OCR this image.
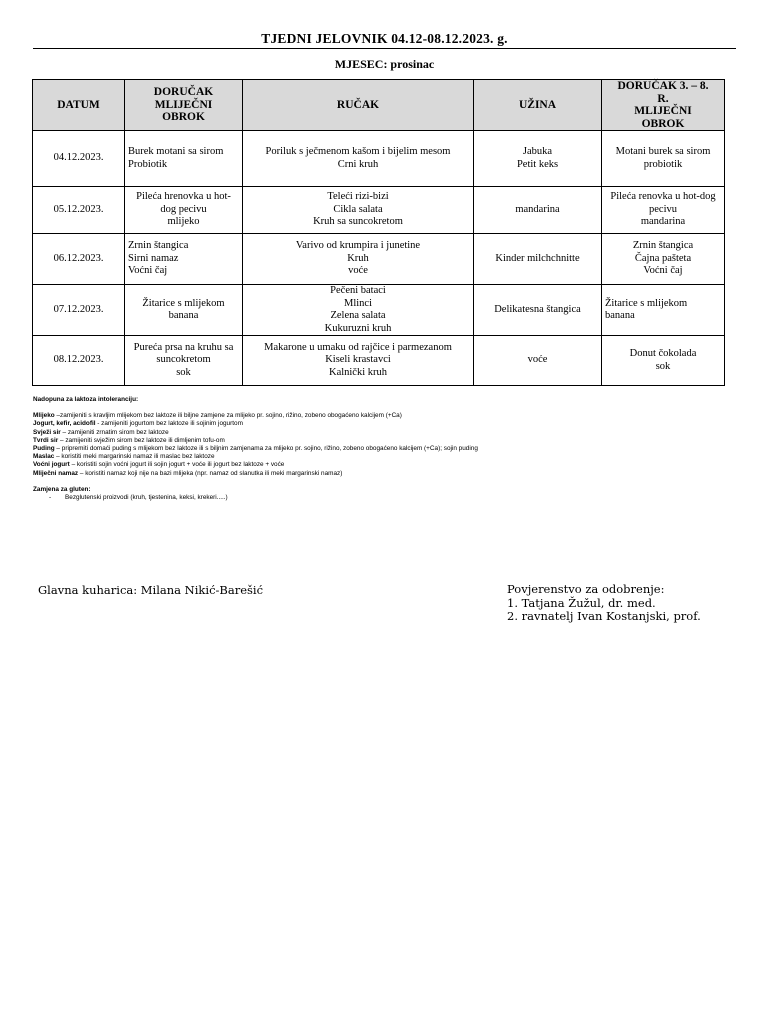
TJEDNI JELOVNIK 04.12-08.12.2023. g.
MJESEC: prosinac
DATUM	DORUČAK
MLIJEČNI
OBROK	RUČAK	UŽINA	DORUČAK 3. – 8.
R.
MLIJEČNI
OBROK

04.12.2023.	Burek motani sa sirom
Probiotik	Poriluk s ječmenom kašom i bijelim mesom
Crni kruh	Jabuka
Petit keks	Motani burek sa sirom
probiotik

05.12.2023.	Pileća hrenovka u hot-
dog pecivu
mlijeko	Teleći rizi-bizi
Cikla salata
Kruh sa suncokretom	mandarina	Pileća renovka u hot-dog
pecivu
mandarina

06.12.2023.	Zrnin štangica
Sirni namaz
Voćni čaj	Varivo od krumpira i junetine
Kruh
voće	Kinder milchchnitte	Zrnin štangica
Čajna pašteta
Voćni čaj

07.12.2023.	Žitarice s mlijekom
banana	Pečeni bataci
Mlinci
Zelena salata
Kukuruzni kruh	Delikatesna štangica	Žitarice s mlijekom
banana

08.12.2023.	Pureća prsa na kruhu sa
suncokretom
sok	Makarone u umaku od rajčice i parmezanom
Kiseli krastavci
Kalnički kruh	voće	Donut čokolada
sok
Nadopuna za laktoza intoleranciju:
Mlijeko –zamijeniti s kravljim mlijekom bez laktoze ili biljne zamjene za mlijeko pr. sojino, rižino, zobeno obogaćeno kalcijem (+Ca)
Jogurt, kefir, acidofil - zamijeniti jogurtom bez laktoze ili sojinim jogurtom
Svježi sir – zamijeniti zrnatim sirom bez laktoze
Tvrdi sir – zamijeniti svježim sirom bez laktoze ili dimljenim tofu-om
Puding – pripremiti domaći puding s mlijekom bez laktoze ili s biljnim zamjenama za mlijeko pr. sojino, rižino, zobeno obogaćeno kalcijem (+Ca); sojin puding
Maslac – koristiti meki margarinski namaz ili maslac bez laktoze
Voćni jogurt – koristiti sojin voćni jogurt ili sojin jogurt + voće ili jogurt bez laktoze + voće
Mliječni namaz – koristiti namaz koji nije na bazi mlijeka (npr. namaz od slanutka ili meki margarinski namaz)
Zamjena za gluten:
- Bezglutenski proizvodi (kruh, tjestenina, keksi, krekeri.....)
Glavna kuharica: Milana Nikić-Barešić	Povjerenstvo za odobrenje:
1. Tatjana Žužul, dr. med.
2. ravnatelj Ivan Kostanjski, prof.
